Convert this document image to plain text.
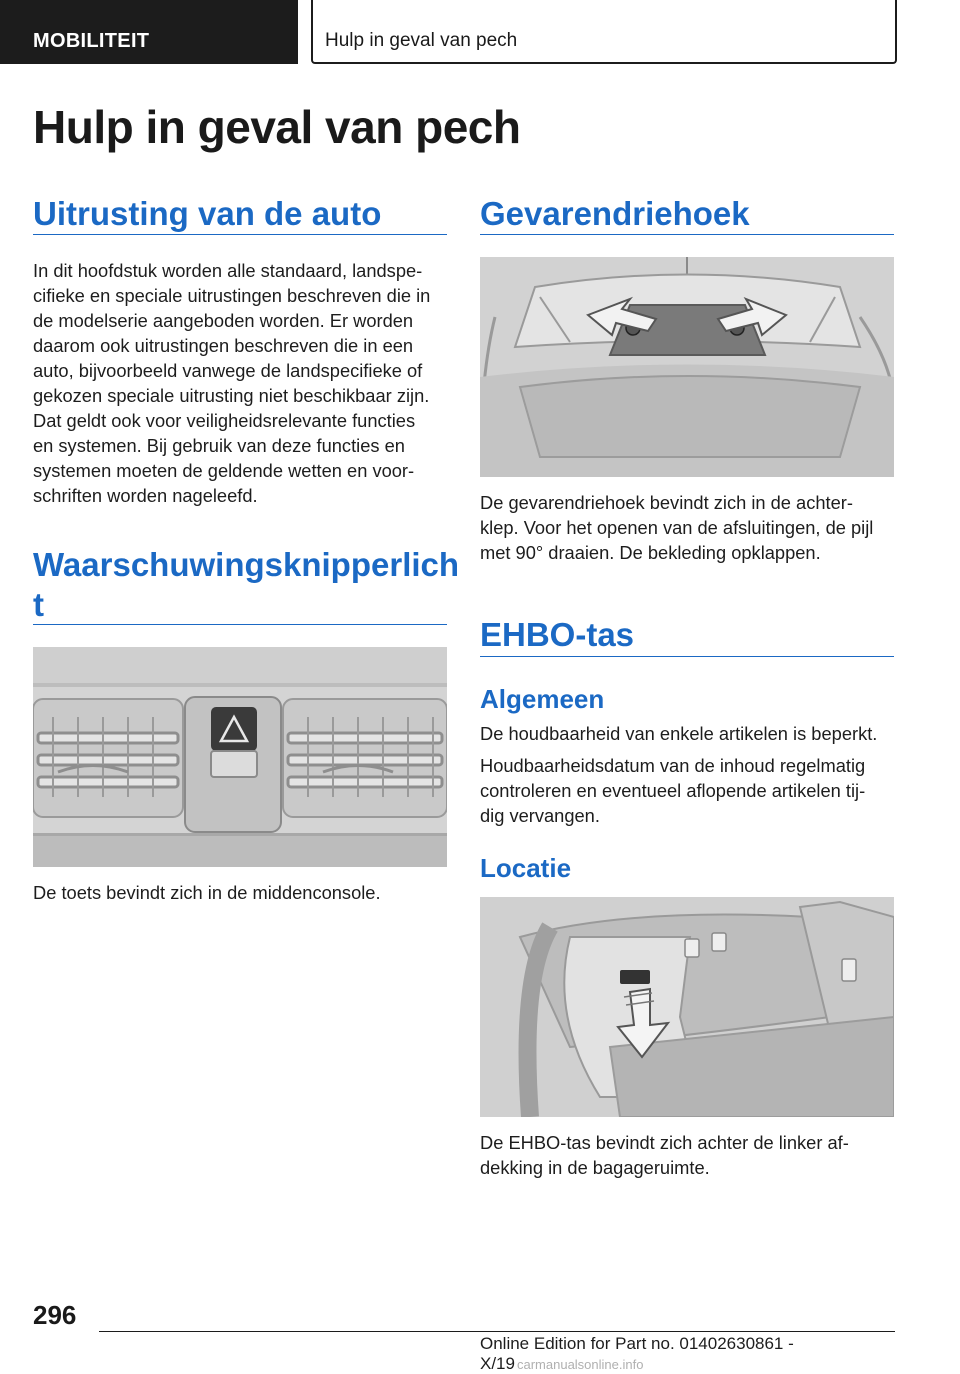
MOBILITEIT	Hulp in geval van pech
Hulp in geval van pech
Uitrusting van de auto
In dit hoofdstuk worden alle standaard, landspe-
cifieke en speciale uitrustingen beschreven die in
de modelserie aangeboden worden. Er worden
daarom ook uitrustingen beschreven die in een
auto, bijvoorbeeld vanwege de landspecifieke of
gekozen speciale uitrusting niet beschikbaar zijn.
Dat geldt ook voor veiligheidsrelevante functies
en systemen. Bij gebruik van deze functies en
systemen moeten de geldende wetten en voor-
schriften worden nageleefd.
Waarschuwingsknipperlich
t

De toets bevindt zich in de middenconsole.

Gevarendriehoek
De gevarendriehoek bevindt zich in de achter-
klep. Voor het openen van de afsluitingen, de pijl
met 90° draaien. De bekleding opklappen.
EHBO-tas
Algemeen

De houdbaarheid van enkele artikelen is beperkt.

Houdbaarheidsdatum van de inhoud regelmatig
controleren en eventueel aflopende artikelen tij-
dig vervangen.
Locatie
De EHBO-tas bevindt zich achter de linker af-
dekking in de bagageruimte.
296
Online Edition for Part no. 01402630861 - X/19 carmanualsonline.info
